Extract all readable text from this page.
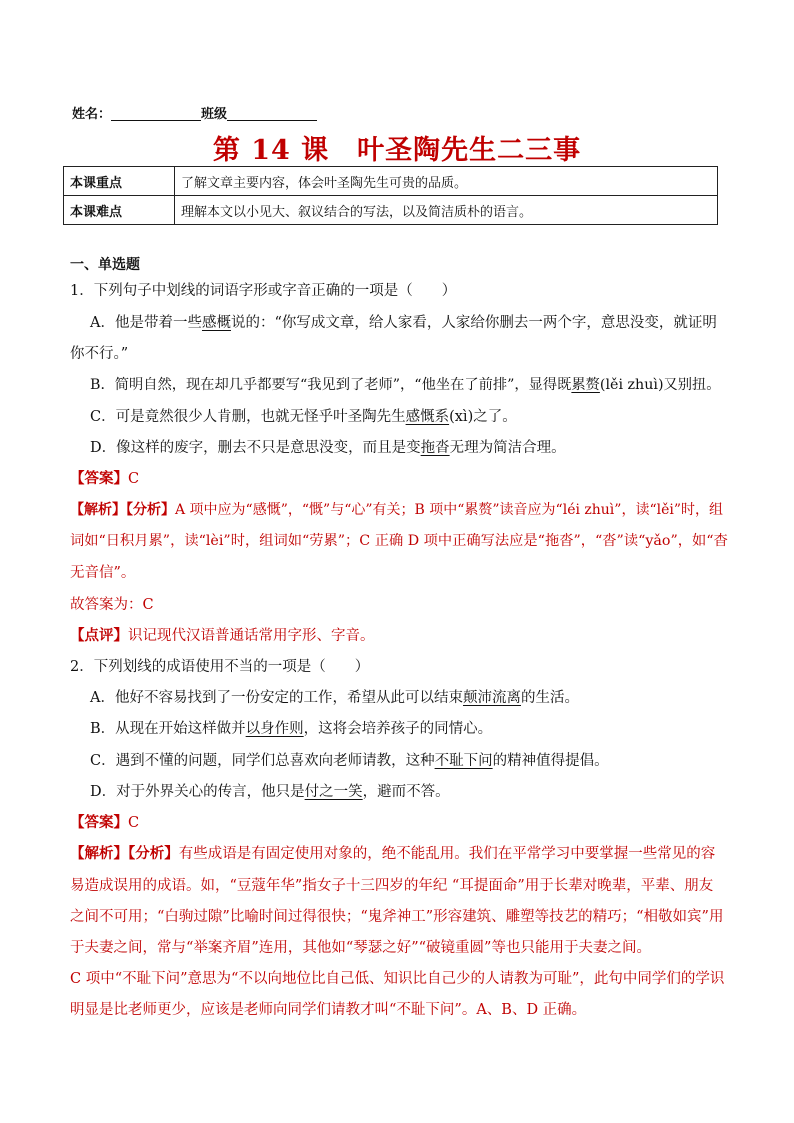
姓名：	班级
第 14 课　叶圣陶先生二三事
本课重点	了解文章主要内容，体会叶圣陶先生可贵的品质。
本课难点	理解本文以小见大、叙议结合的写法，以及简洁质朴的语言。
一、单选题
1．下列句子中划线的词语字形或字音正确的一项是（　　）
A．他是带着一些感概说的：“你写成文章，给人家看，人家给你删去一两个字，意思没变，就证明
你不行。”
B．简明自然，现在却几乎都要写“我见到了老师”，“他坐在了前排”，显得既累赘(lěi zhuì)又别扭。
C．可是竟然很少人肯删，也就无怪乎叶圣陶先生感慨系(xì)之了。
D．像这样的废字，删去不只是意思没变，而且是变拖沓无理为简洁合理。
【答案】C
【解析】【分析】A 项中应为“感慨”，“慨”与“心”有关；B 项中“累赘”读音应为“léi zhuì”，读“lěi”时，组
词如“日积月累”，读“lèi”时，组词如“劳累”；C 正确 D 项中正确写法应是“拖沓”，“沓”读“yǎo”，如“杳
无音信”。
故答案为：C
【点评】识记现代汉语普通话常用字形、字音。
2．下列划线的成语使用不当的一项是（　　）
A．他好不容易找到了一份安定的工作，希望从此可以结束颠沛流离的生活。
B．从现在开始这样做并以身作则，这将会培养孩子的同情心。
C．遇到不懂的问题，同学们总喜欢向老师请教，这种不耻下问的精神值得提倡。
D．对于外界关心的传言，他只是付之一笑，避而不答。
【答案】C
【解析】【分析】有些成语是有固定使用对象的，绝不能乱用。我们在平常学习中要掌握一些常见的容
易造成误用的成语。如，“豆蔻年华”指女子十三四岁的年纪 “耳提面命”用于长辈对晚辈，平辈、朋友
之间不可用；“白驹过隙”比喻时间过得很快；“鬼斧神工”形容建筑、雕塑等技艺的精巧；“相敬如宾”用
于夫妻之间，常与“举案齐眉”连用，其他如“琴瑟之好”“破镜重圆”等也只能用于夫妻之间。
C 项中“不耻下问”意思为“不以向地位比自己低、知识比自己少的人请教为可耻”，此句中同学们的学识
明显是比老师更少，应该是老师向同学们请教才叫“不耻下问”。A、B、D 正确。
